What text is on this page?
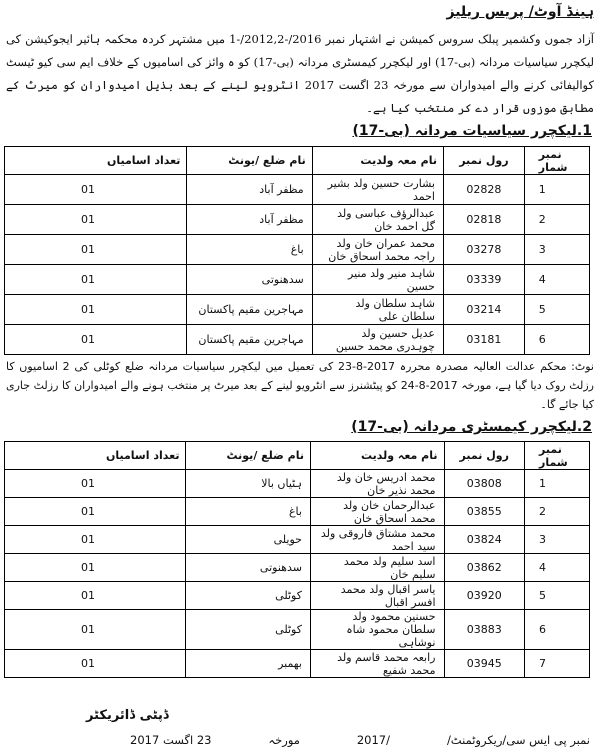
ہینڈ آوٹ/ پریس ریلیز
آزاد جموں وکشمیر پبلک سروس کمیشن نے اشتہار نمبر 2016/-2012,2/-1 میں مشتہر کردہ محکمہ ہائیر ایجوکیشن کی لیکچرر سیاسیات مردانہ (بی-17) اور لیکچرر کیمسٹری مردانہ (بی-17) کو ہ وائز کی اسامیوں کے خلاف ایم سی کیو ٹیسٹ کوالیفائی کرنے والے امیدواران سے مورخہ 23 اگست 2017 انٹرویو لینے کے بعد بذیل امیدواران کو میرٹ کے مطابق موزوں قرار دے کر منتخب کیا ہے۔
1.لیکچرر سیاسیات مردانہ (بی-17)
نمبر شمار	رول نمبر	نام معہ ولدیت	نام ضلع /یونٹ	تعداد اسامیاں
1	02828	بشارت حسین ولد بشیر احمد	مظفر آباد	01
2	02818	عبدالرؤف عباسی ولد گل احمد خان	مظفر آباد	01
3	03278	محمد عمران خان ولد راجہ محمد اسحاق خان	باغ	01
4	03339	شاہد منیر ولد منیر حسین	سدھنوتی	01
5	03214	شاہد سلطان ولد سلطان علی	مہاجرین مقیم پاکستان	01
6	03181	عدیل حسین ولد چوہدری محمد حسین	مہاجرین مقیم پاکستان	01
نوٹ: محکم عدالت العالیہ مصدرہ محررہ 2017-8-23 کی تعمیل میں لیکچرر سیاسیات مردانہ ضلع کوٹلی کی 2 اسامیوں کا رزلٹ روک دیا گیا ہے، مورخہ 2017-8-24 کو پیٹشنرز سے انٹرویو لینے کے بعد میرٹ پر منتخب ہونے والے امیدواران کا رزلٹ جاری کیا جائے گا۔
2.لیکچرر کیمسٹری مردانہ (بی-17)
نمبر شمار	رول نمبر	نام معہ ولدیت	نام ضلع /یونٹ	تعداد اسامیاں
1	03808	محمد ادریس خان ولد محمد نذیر خان	ہٹیاں بالا	01
2	03855	عبدالرحمان خان ولد محمد اسحاق خان	باغ	01
3	03824	محمد مشتاق فاروقی ولد سید احمد	حویلی	01
4	03862	اسد سلیم ولد محمد سلیم خان	سدھنوتی	01
5	03920	یاسر اقبال ولد محمد افسر اقبال	کوٹلی	01
6	03883	حسنین محمود ولد سلطان محمود شاہ نوشاہی	کوٹلی	01
7	03945	رابعہ محمد قاسم ولد محمد شفیع	بھمبر	01
ڈپٹی ڈائریکٹر
نمبر پی ایس سی/ریکروٹمنٹ/
/2017
مورخہ
23 اگست 2017
